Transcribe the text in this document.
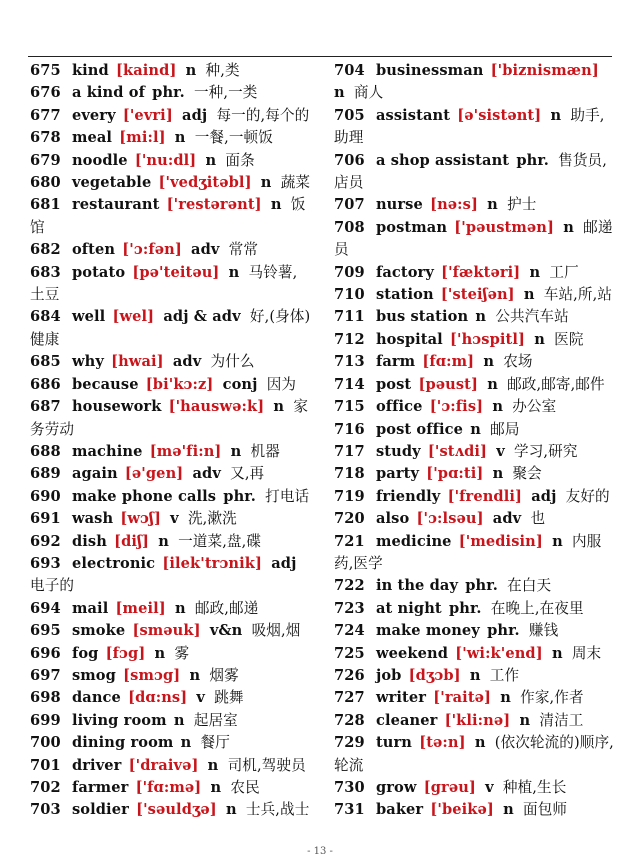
675 kind [kaind] n 种,类
676 a kind of phr. 一种,一类
677 every ['evri] adj 每一的,每个的
678 meal [mi:l] n 一餐,一顿饭
679 noodle ['nu:dl] n 面条
680 vegetable ['vedʒitəbl] n 蔬菜
681 restaurant ['restərənt] n 饭馆
682 often ['ɔ:fən] adv 常常
683 potato [pə'teitəu] n 马铃薯,土豆
684 well [wel] adj & adv 好,(身体)健康
685 why [hwai] adv 为什么
686 because [bi'kɔ:z] conj 因为
687 housework ['hauswə:k] n 家务劳动
688 machine [mə'fi:n] n 机器
689 again [ə'gen] adv 又,再
690 make phone calls phr. 打电话
691 wash [wɔʃ] v 洗,漱洗
692 dish [diʃ] n 一道菜,盘,碟
693 electronic [ilek'trɔnik] adj 电子的
694 mail [meil] n 邮政,邮递
695 smoke [sməuk] v&n 吸烟,烟
696 fog [fɔg] n 雾
697 smog [smɔg] n 烟雾
698 dance [dɑ:ns] v 跳舞
699 living room n 起居室
700 dining room n 餐厅
701 driver ['draivə] n 司机,驾驶员
702 farmer ['fɑ:mə] n 农民
703 soldier ['səuldʒə] n 士兵,战士
704 businessman ['biznismæn] n 商人
705 assistant [ə'sistənt] n 助手,助理
706 a shop assistant phr. 售货员,店员
707 nurse [nə:s] n 护士
708 postman ['pəustmən] n 邮递员
709 factory ['fæktəri] n 工厂
710 station ['steiʃən] n 车站,所,站
711 bus station n 公共汽车站
712 hospital ['hɔspitl] n 医院
713 farm [fɑ:m] n 农场
714 post [pəust] n 邮政,邮寄,邮件
715 office ['ɔ:fis] n 办公室
716 post office n 邮局
717 study ['stʌdi] v 学习,研究
718 party ['pɑ:ti] n 聚会
719 friendly ['frendli] adj 友好的
720 also ['ɔ:lsəu] adv 也
721 medicine ['medisin] n 内服药,医学
722 in the day phr. 在白天
723 at night phr. 在晚上,在夜里
724 make money phr. 赚钱
725 weekend ['wi:k'end] n 周末
726 job [dʒɔb] n 工作
727 writer ['raitə] n 作家,作者
728 cleaner ['kli:nə] n 清洁工
729 turn [tə:n] n (依次轮流的)顺序,轮流
730 grow [grəu] v 种植,生长
731 baker ['beikə] n 面包师
- 13 -
